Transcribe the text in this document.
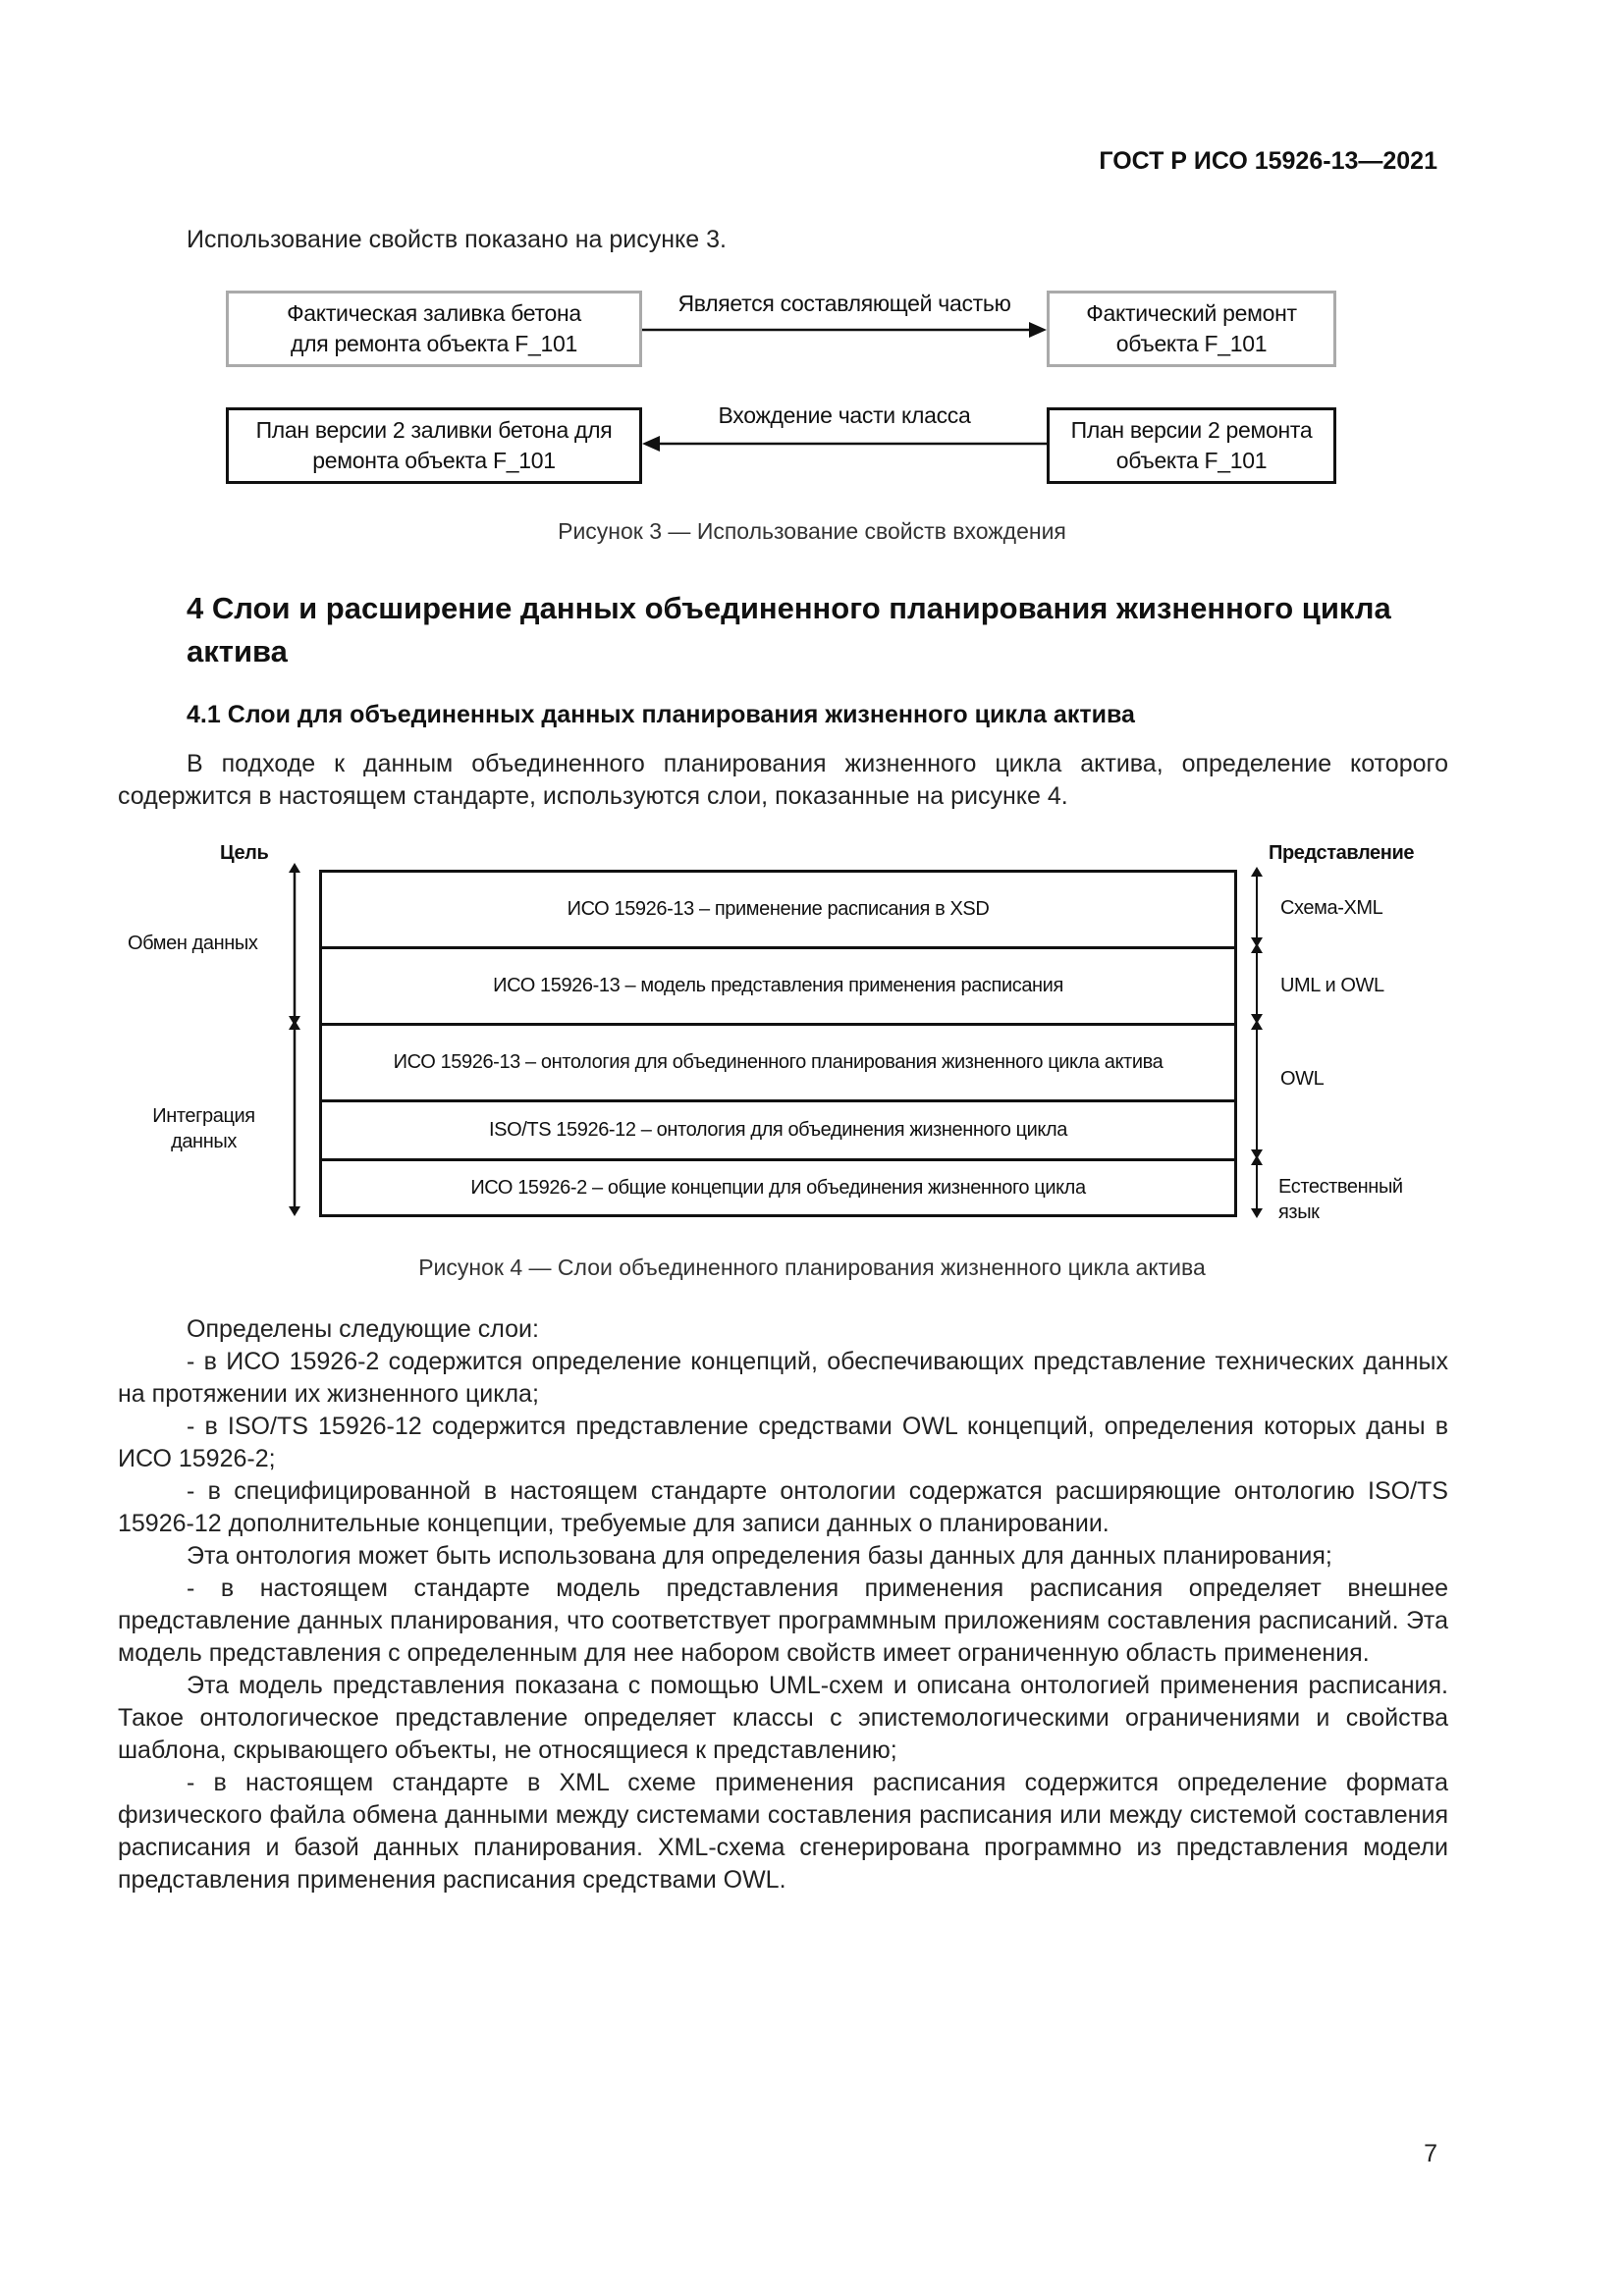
ГОСТ Р ИСО 15926-13—2021
Использование свойств показано на рисунке 3.
Фактическая заливка бетона
для ремонта объекта F_101
Фактический ремонт
объекта F_101
План версии 2 заливки бетона для
ремонта объекта F_101
План версии 2 ремонта
объекта F_101
Является составляющей частью
Вхождение части класса
Рисунок 3 — Использование свойств вхождения
4 Слои и расширение данных объединенного планирования жизненного цикла актива
4.1 Слои для объединенных данных планирования жизненного цикла актива

В подходе к данным объединенного планирования жизненного цикла актива, определение которого содержится в настоящем стандарте, используются слои, показанные на рисунке 4.

Цель	Представление
Обмен данных
Интеграция
данных
ИСО 15926-13 – применение расписания в XSD
ИСО 15926-13 – модель представления применения расписания
ИСО 15926-13 – онтология для объединенного планирования жизненного цикла актива
ISO/TS 15926-12 – онтология для объединения жизненного цикла
ИСО 15926-2 – общие концепции для объединения жизненного цикла
Схема-XML
UML и OWL
OWL
Естественный
язык
Рисунок 4 — Слои объединенного планирования жизненного цикла актива

Определены следующие слои:

- в ИСО 15926-2 содержится определение концепций, обеспечивающих представление технических данных на протяжении их жизненного цикла;

- в ISO/TS 15926-12 содержится представление средствами OWL концепций, определения которых даны в ИСО 15926-2;

- в специфицированной в настоящем стандарте онтологии содержатся расширяющие онтологию ISO/TS 15926-12 дополнительные концепции, требуемые для записи данных о планировании.

Эта онтология может быть использована для определения базы данных для данных планирования;

- в настоящем стандарте модель представления применения расписания определяет внешнее представление данных планирования, что соответствует программным приложениям составления расписаний. Эта модель представления с определенным для нее набором свойств имеет ограниченную область применения.

Эта модель представления показана с помощью UML-схем и описана онтологией применения расписания. Такое онтологическое представление определяет классы с эпистемологическими ограничениями и свойства шаблона, скрывающего объекты, не относящиеся к представлению;

- в настоящем стандарте в XML схеме применения расписания содержится определение формата физического файла обмена данными между системами составления расписания или между системой составления расписания и базой данных планирования. XML-схема сгенерирована программно из представления модели представления применения расписания средствами OWL.

7
